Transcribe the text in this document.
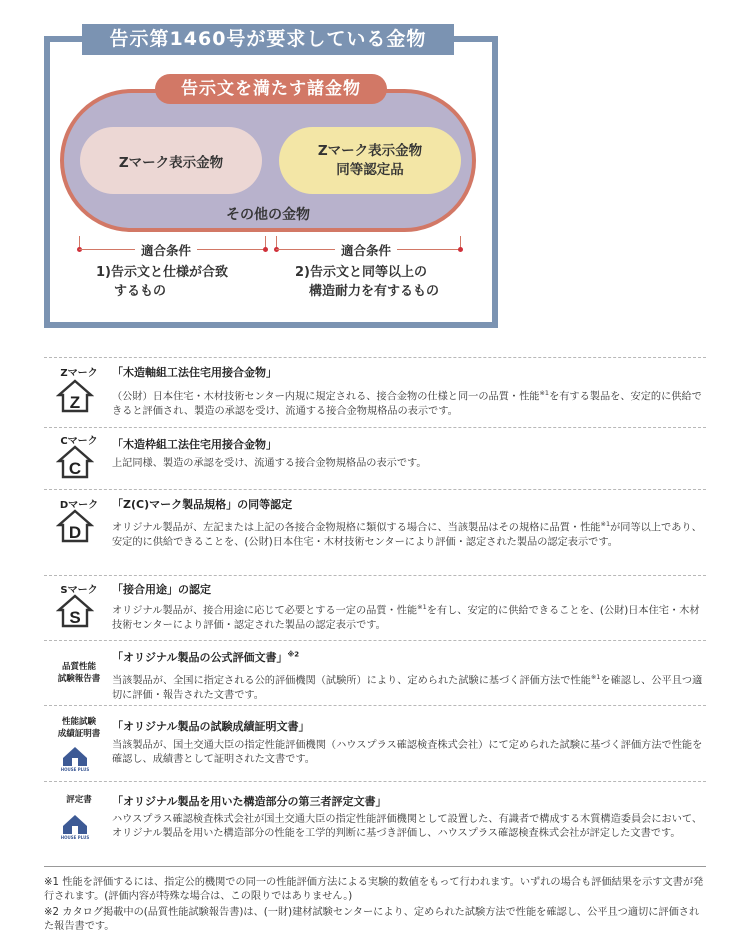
告示第1460号が要求している金物
告示文を満たす諸金物
Zマーク表示金物
Zマーク表示金物
同等認定品
その他の金物
適合条件
1)告示文と仕様が合致
するもの
適合条件
2)告示文と同等以上の
構造耐力を有するもの
Zマーク
Z
「木造軸組工法住宅用接合金物」
（公財）日本住宅・木材技術センター内規に規定される、接合金物の仕様と同一の品質・性能$^{※1}$を有する製品を、安定的に供給できると評価され、製造の承認を受け、流通する接合金物規格品の表示です。
Cマーク
C
「木造枠組工法住宅用接合金物」
上記同様、製造の承認を受け、流通する接合金物規格品の表示です。
Dマーク
D
「Z(C)マーク製品規格」の同等認定
オリジナル製品が、左記または上記の各接合金物規格に類似する場合に、当該製品はその規格に品質・性能$^{※1}$が同等以上であり、安定的に供給できることを、(公財)日本住宅・木材技術センターにより評価・認定された製品の認定表示です。
Sマーク
S
「接合用途」の認定
オリジナル製品が、接合用途に応じて必要とする一定の品質・性能$^{※1}$を有し、安定的に供給できることを、(公財)日本住宅・木材技術センターにより評価・認定された製品の認定表示です。
品質性能
試験報告書
「オリジナル製品の公式評価文書」$^{※2}$
当該製品が、全国に指定される公的評価機関（試験所）により、定められた試験に基づく評価方法で性能$^{※1}$を確認し、公平且つ適切に評価・報告された文書です。
性能試験
成績証明書
HOUSE PLUS
「オリジナル製品の試験成績証明文書」
当該製品が、国土交通大臣の指定性能評価機関（ハウスプラス確認検査株式会社）にて定められた試験に基づく評価方法で性能を確認し、成績書として証明された文書です。
評定書
HOUSE PLUS
「オリジナル製品を用いた構造部分の第三者評定文書」
ハウスプラス確認検査株式会社が国土交通大臣の指定性能評価機関として設置した、有識者で構成する木質構造委員会において、オリジナル製品を用いた構造部分の性能を工学的判断に基づき評価し、ハウスプラス確認検査株式会社が評定した文書です。
※1 性能を評価するには、指定公的機関での同一の性能評価方法による実験的数値をもって行われます。いずれの場合も評価結果を示す文書が発行されます。(評価内容が特殊な場合は、この限りではありません。)
※2 カタログ掲載中の(品質性能試験報告書)は、(一財)建材試験センターにより、定められた試験方法で性能を確認し、公平且つ適切に評価された報告書です。
